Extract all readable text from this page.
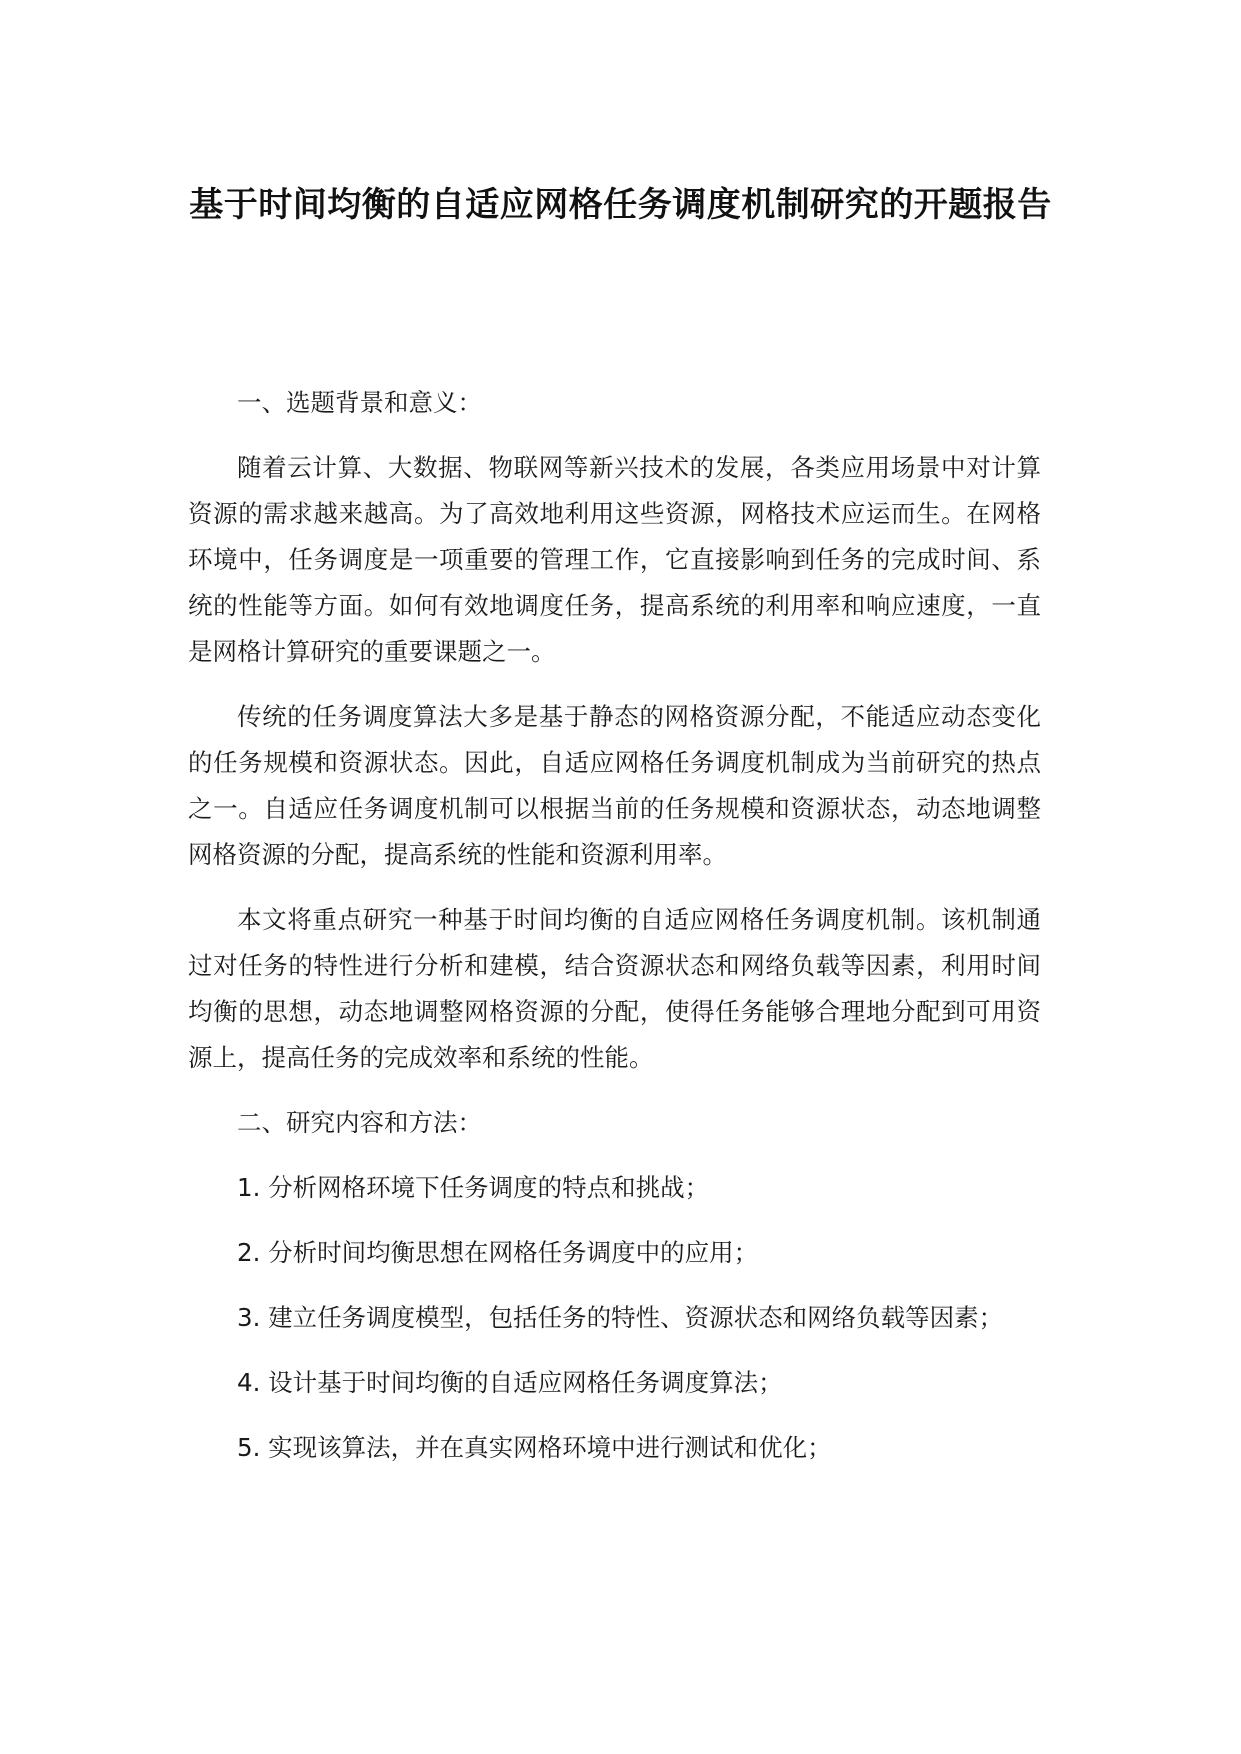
基于时间均衡的自适应网格任务调度机制研究的开题报告

一、选题背景和意义：

随着云计算、大数据、物联网等新兴技术的发展，各类应用场景中对计算资源的需求越来越高。为了高效地利用这些资源，网格技术应运而生。在网格环境中，任务调度是一项重要的管理工作，它直接影响到任务的完成时间、系统的性能等方面。如何有效地调度任务，提高系统的利用率和响应速度，一直是网格计算研究的重要课题之一。

传统的任务调度算法大多是基于静态的网格资源分配，不能适应动态变化的任务规模和资源状态。因此，自适应网格任务调度机制成为当前研究的热点之一。自适应任务调度机制可以根据当前的任务规模和资源状态，动态地调整网格资源的分配，提高系统的性能和资源利用率。

本文将重点研究一种基于时间均衡的自适应网格任务调度机制。该机制通过对任务的特性进行分析和建模，结合资源状态和网络负载等因素，利用时间均衡的思想，动态地调整网格资源的分配，使得任务能够合理地分配到可用资源上，提高任务的完成效率和系统的性能。

二、研究内容和方法：

1. 分析网格环境下任务调度的特点和挑战；

2. 分析时间均衡思想在网格任务调度中的应用；

3. 建立任务调度模型，包括任务的特性、资源状态和网络负载等因素；

4. 设计基于时间均衡的自适应网格任务调度算法；

5. 实现该算法，并在真实网格环境中进行测试和优化；
